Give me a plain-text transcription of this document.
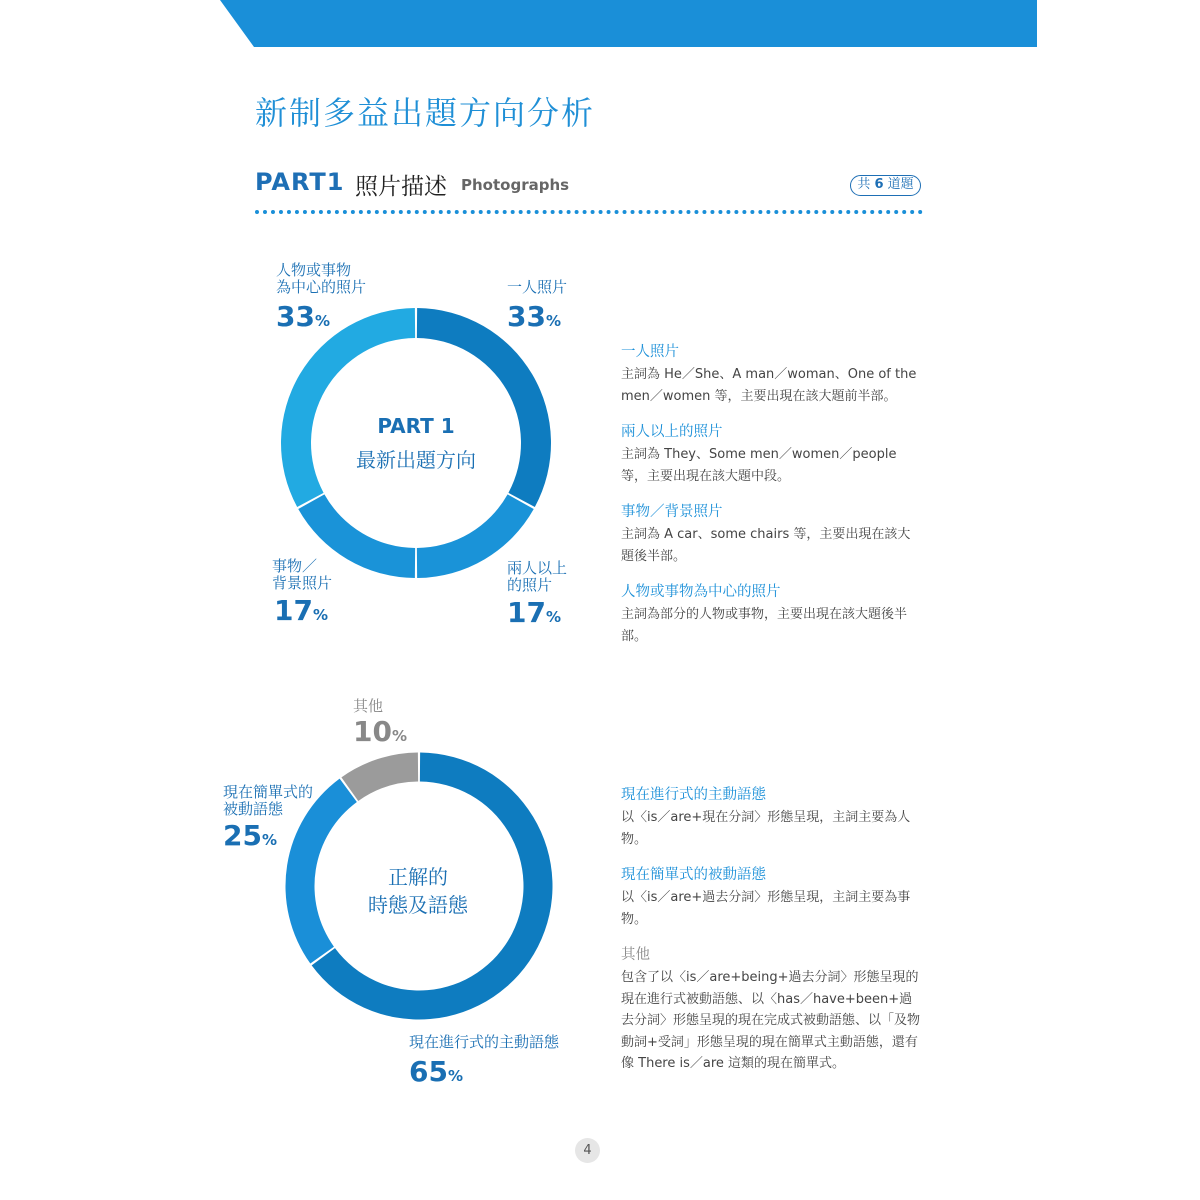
新制多益出題方向分析
PART1 照片描述 Photographs	共 6 道題
人物或事物
為中心的照片
33%
一人照片
33%
事物／
背景照片
17%
兩人以上
的照片
17%
PART 1
最新出題方向
一人照片
主詞為 He／She、A man／woman、One of the men／women 等，主要出現在該大題前半部。
兩人以上的照片
主詞為 They、Some men／women／people 等，主要出現在該大題中段。
事物／背景照片
主詞為 A car、some chairs 等，主要出現在該大題後半部。
人物或事物為中心的照片
主詞為部分的人物或事物，主要出現在該大題後半部。
其他
10%
現在簡單式的
被動語態
25%
現在進行式的主動語態
65%
正解的
時態及語態
現在進行式的主動語態
以〈is／are+現在分詞〉形態呈現，主詞主要為人物。
現在簡單式的被動語態
以〈is／are+過去分詞〉形態呈現，主詞主要為事物。
其他
包含了以〈is／are+being+過去分詞〉形態呈現的現在進行式被動語態、以〈has／have+been+過去分詞〉形態呈現的現在完成式被動語態、以「及物動詞+受詞」形態呈現的現在簡單式主動語態，還有像 There is／are 這類的現在簡單式。
4
